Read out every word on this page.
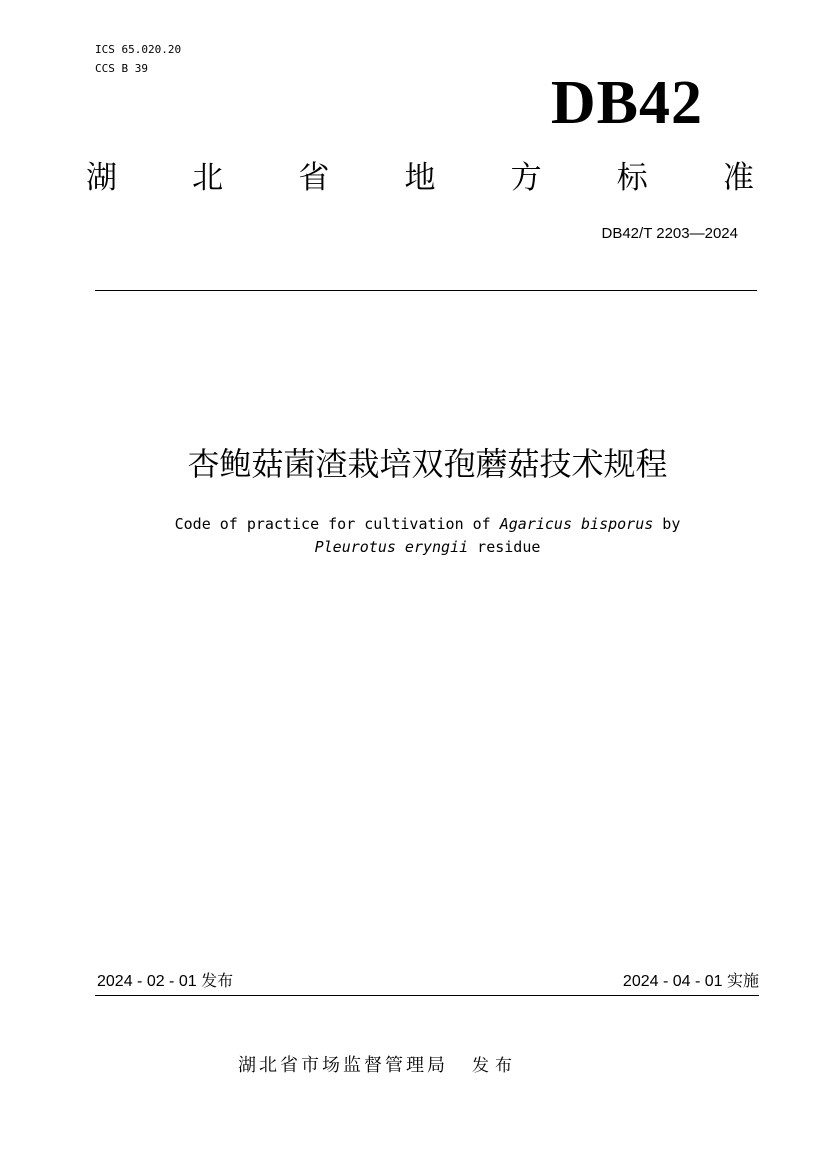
ICS 65.020.20
CCS B 39
DB42
湖 北 省 地 方 标 准
DB42/T 2203—2024
杏鲍菇菌渣栽培双孢蘑菇技术规程
Code of practice for cultivation of Agaricus bisporus by
Pleurotus eryngii residue
2024 - 02 - 01 发布	2024 - 04 - 01 实施
湖北省市场监督管理局 发布
